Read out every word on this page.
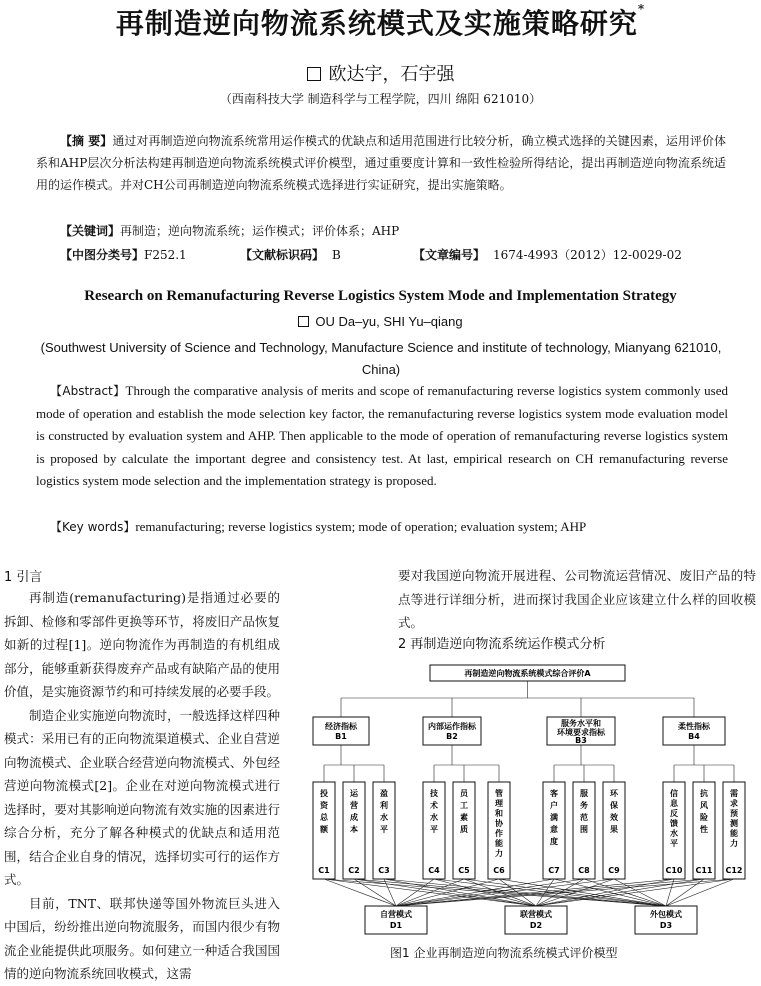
再制造逆向物流系统模式及实施策略研究*
欧达宇，石宇强
（西南科技大学 制造科学与工程学院，四川 绵阳 621010）
【摘 要】通过对再制造逆向物流系统常用运作模式的优缺点和适用范围进行比较分析，确立模式选择的关键因素，运用评价体系和AHP层次分析法构建再制造逆向物流系统模式评价模型，通过重要度计算和一致性检验所得结论，提出再制造逆向物流系统适用的运作模式。并对CH公司再制造逆向物流系统模式选择进行实证研究，提出实施策略。
【关键词】再制造；逆向物流系统；运作模式；评价体系；AHP
【中图分类号】F252.1	【文献标识码】 B	【文章编号】 1674-4993（2012）12-0029-02
Research on Remanufacturing Reverse Logistics System Mode and Implementation Strategy
OU Da–yu, SHI Yu–qiang
(Southwest University of Science and Technology, Manufacture Science and institute of technology, Mianyang 621010, China)
【Abstract】Through the comparative analysis of merits and scope of remanufacturing reverse logistics system commonly used mode of operation and establish the mode selection key factor, the remanufacturing reverse logistics system mode evaluation model is constructed by evaluation system and AHP. Then applicable to the mode of operation of remanufacturing reverse logistics system is proposed by calculate the important degree and consistency test. At last, empirical research on CH remanufacturing reverse logistics system mode selection and the implementation strategy is proposed.
【Key words】remanufacturing; reverse logistics system; mode of operation; evaluation system; AHP
1 引言

再制造(remanufacturing)是指通过必要的拆卸、检修和零部件更换等环节，将废旧产品恢复如新的过程[1]。逆向物流作为再制造的有机组成部分，能够重新获得废弃产品或有缺陷产品的使用价值，是实施资源节约和可持续发展的必要手段。

制造企业实施逆向物流时，一般选择这样四种模式：采用已有的正向物流渠道模式、企业自营逆向物流模式、企业联合经营逆向物流模式、外包经营逆向物流模式[2]。企业在对逆向物流模式进行选择时，要对其影响逆向物流有效实施的因素进行综合分析，充分了解各种模式的优缺点和适用范围，结合企业自身的情况，选择切实可行的运作方式。

目前，TNT、联邦快递等国外物流巨头进入中国后，纷纷推出逆向物流服务，而国内很少有物流企业能提供此项服务。如何建立一种适合我国国情的逆向物流系统回收模式，这需

要对我国逆向物流开展进程、公司物流运营情况、废旧产品的特点等进行详细分析，进而探讨我国企业应该建立什么样的回收模式。

2 再制造逆向物流系统运作模式分析
再制造逆向物流系统模式综合评价A
经济指标
B1
内部运作指标
B2
服务水平和
环境要求指标
B3
柔性指标
B4
投
资
总
额
C1
运
营
成
本
C2
盈
利
水
平
C3
技
术
水
平
C4
员
工
素
质
C5
管
理
和
协
作
能
力
C6
客
户
满
意
度
C7
服
务
范
围
C8
环
保
效
果
C9
信
息
反
馈
水
平
C10
抗
风
险
性
C11
需
求
预
测
能
力
C12
自营模式
D1
联营模式
D2
外包模式
D3
图1 企业再制造逆向物流系统模式评价模型
